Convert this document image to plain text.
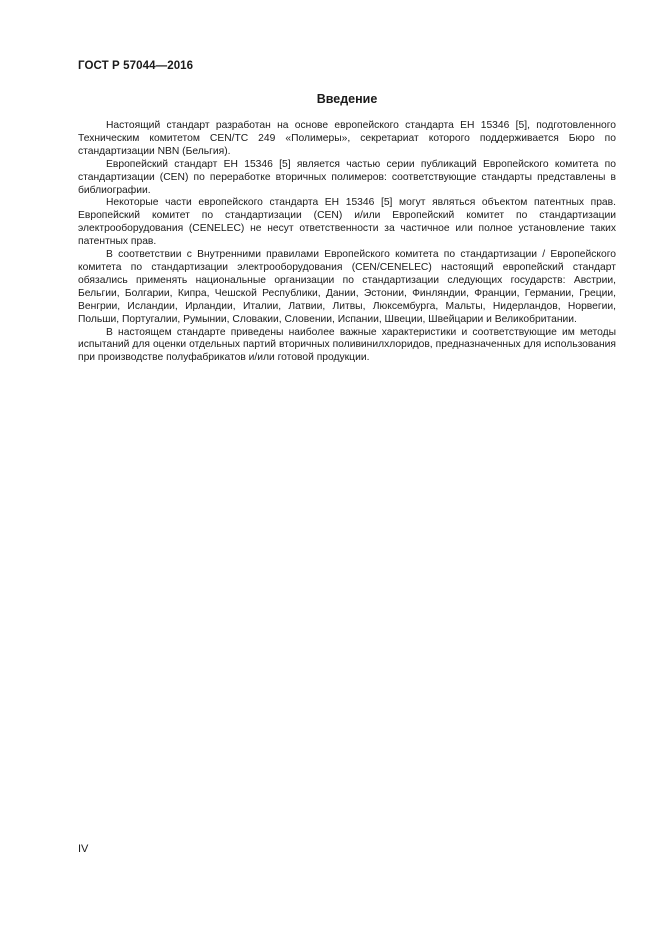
ГОСТ Р 57044—2016
Введение

Настоящий стандарт разработан на основе европейского стандарта ЕН 15346 [5], подготовленного Техническим комитетом CEN/TC 249 «Полимеры», секретариат которого поддерживается Бюро по стандартизации NBN (Бельгия).

Европейский стандарт ЕН 15346 [5] является частью серии публикаций Европейского комитета по стандартизации (CEN) по переработке вторичных полимеров: соответствующие стандарты представлены в библиографии.

Некоторые части европейского стандарта ЕН 15346 [5] могут являться объектом патентных прав. Европейский комитет по стандартизации (CEN) и/или Европейский комитет по стандартизации электрооборудования (CENELEC) не несут ответственности за частичное или полное установление таких патентных прав.

В соответствии с Внутренними правилами Европейского комитета по стандартизации / Европейского комитета по стандартизации электрооборудования (CEN/CENELEC) настоящий европейский стандарт обязались применять национальные организации по стандартизации следующих государств: Австрии, Бельгии, Болгарии, Кипра, Чешской Республики, Дании, Эстонии, Финляндии, Франции, Германии, Греции, Венгрии, Исландии, Ирландии, Италии, Латвии, Литвы, Люксембурга, Мальты, Нидерландов, Норвегии, Польши, Португалии, Румынии, Словакии, Словении, Испании, Швеции, Швейцарии и Великобритании.

В настоящем стандарте приведены наиболее важные характеристики и соответствующие им методы испытаний для оценки отдельных партий вторичных поливинилхлоридов, предназначенных для использования при производстве полуфабрикатов и/или готовой продукции.

IV
